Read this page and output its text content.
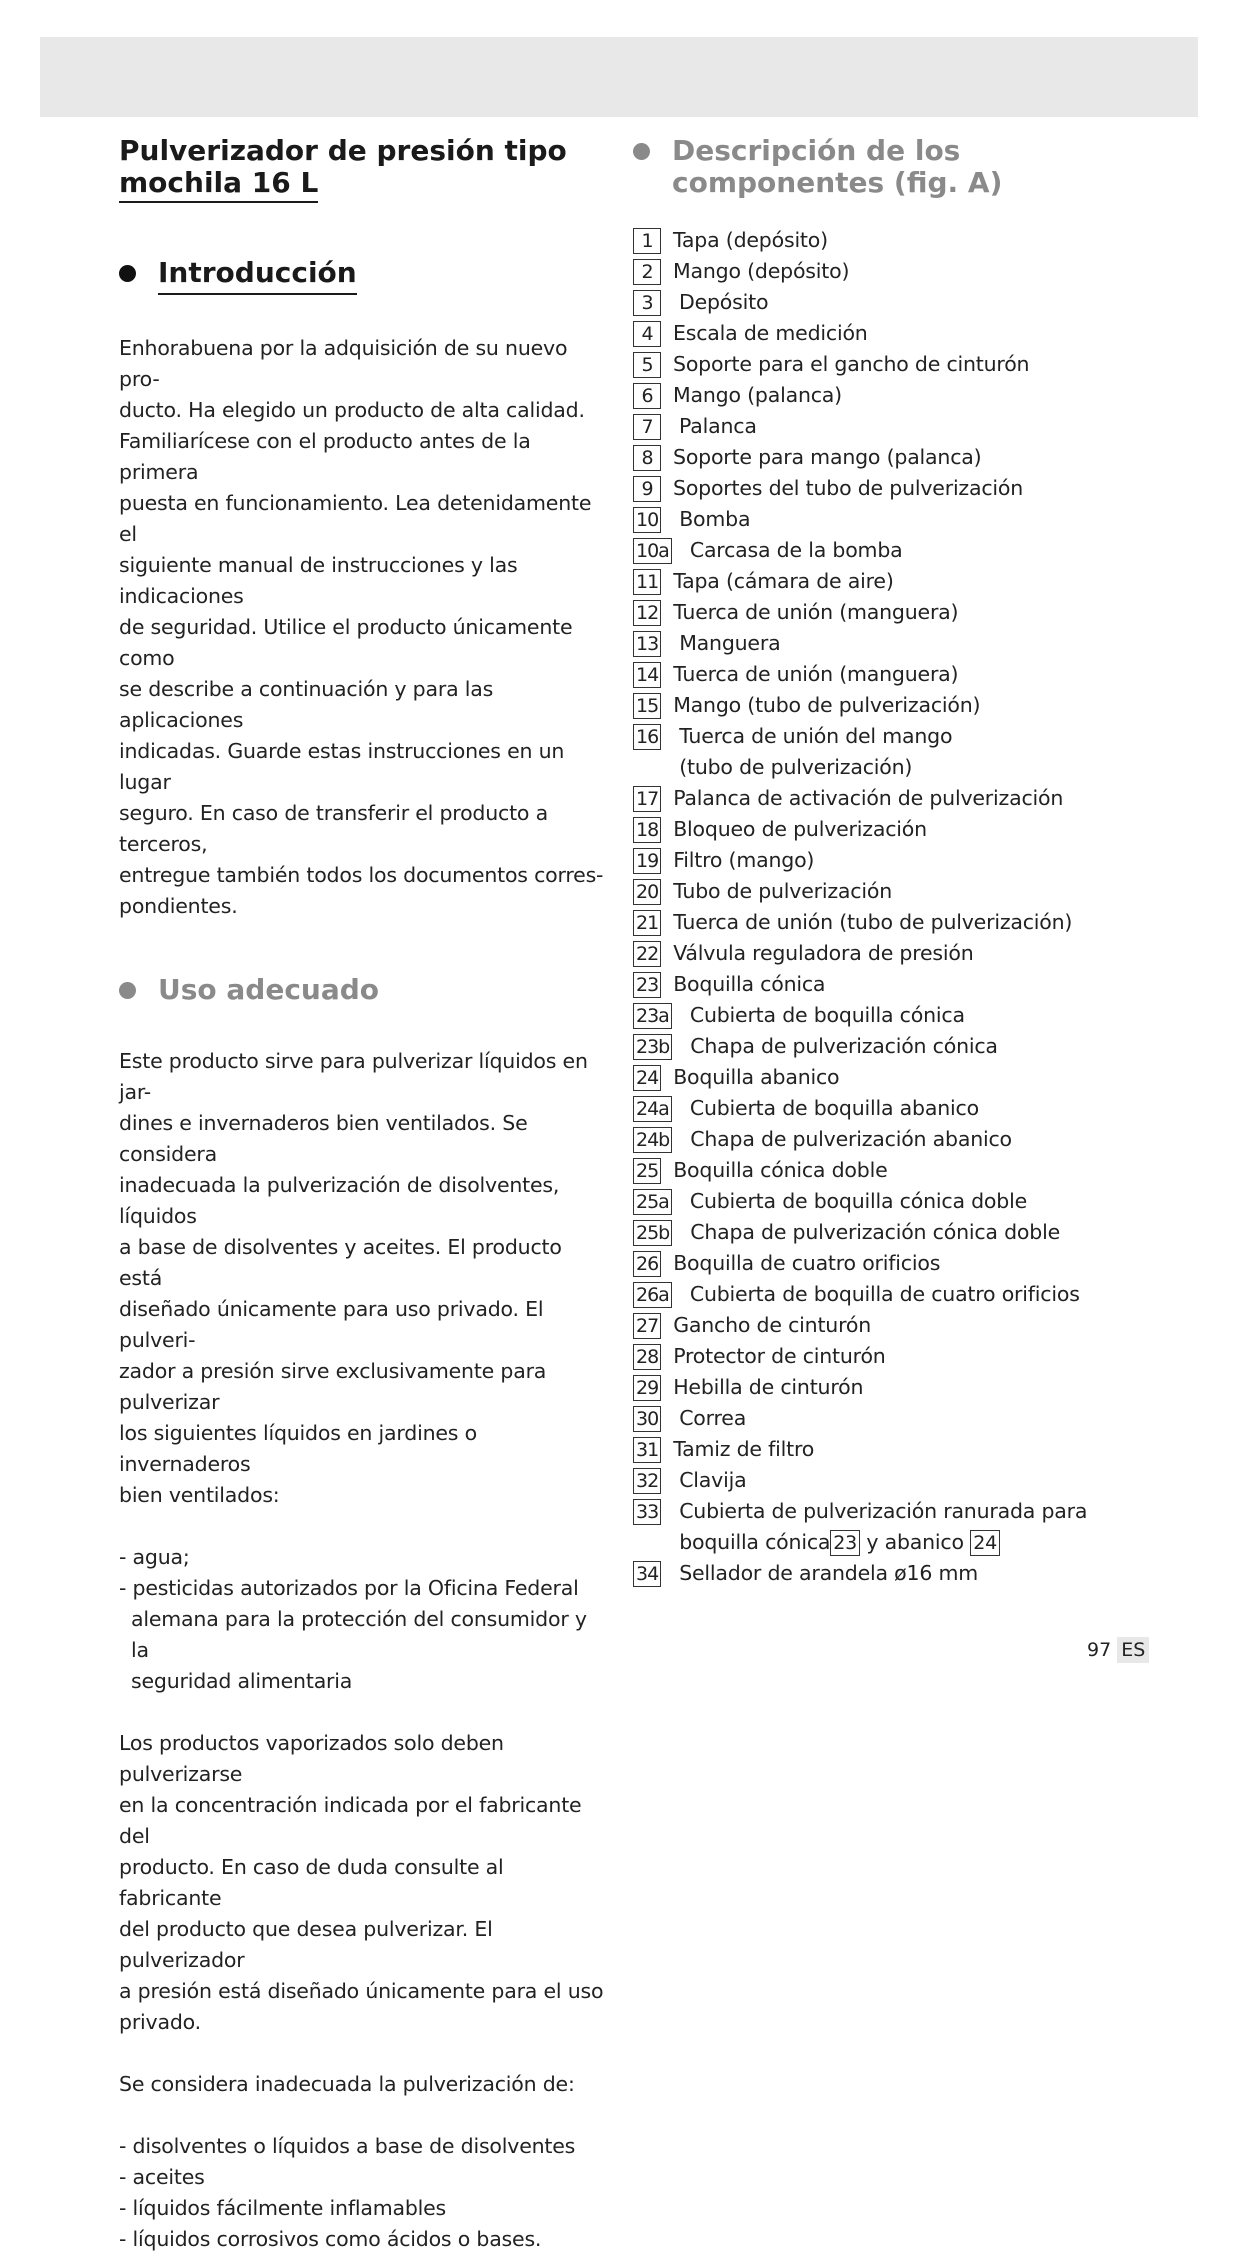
Pulverizador de presión tipo
mochila 16 L
Introducción
Enhorabuena por la adquisición de su nuevo pro-
ducto. Ha elegido un producto de alta calidad.
Familiarícese con el producto antes de la primera
puesta en funcionamiento. Lea detenidamente el
siguiente manual de instrucciones y las indicaciones
de seguridad. Utilice el producto únicamente como
se describe a continuación y para las aplicaciones
indicadas. Guarde estas instrucciones en un lugar
seguro. En caso de transferir el producto a terceros,
entregue también todos los documentos corres-
pondientes.
Uso adecuado
Este producto sirve para pulverizar líquidos en jar-
dines e invernaderos bien ventilados. Se considera
inadecuada la pulverización de disolventes, líquidos
a base de disolventes y aceites. El producto está
diseñado únicamente para uso privado. El pulveri-
zador a presión sirve exclusivamente para pulverizar
los siguientes líquidos en jardines o invernaderos
bien ventilados:
- agua;
- pesticidas autorizados por la Oficina Federal
alemana para la protección del consumidor y la
seguridad alimentaria
Los productos vaporizados solo deben pulverizarse
en la concentración indicada por el fabricante del
producto. En caso de duda consulte al fabricante
del producto que desea pulverizar. El pulverizador
a presión está diseñado únicamente para el uso
privado.
Se considera inadecuada la pulverización de:
- disolventes o líquidos a base de disolventes
- aceites
- líquidos fácilmente inflamables
- líquidos corrosivos como ácidos o bases.
Descripción de los
componentes (fig. A)
1 Tapa (depósito)
2 Mango (depósito)
3	Depósito
4 Escala de medición
5 Soporte para el gancho de cinturón
6 Mango (palanca)
7	Palanca
8 Soporte para mango (palanca)
9 Soportes del tubo de pulverización
10 Bomba
10a Carcasa de la bomba
11 Tapa (cámara de aire)
12 Tuerca de unión (manguera)
13 Manguera
14 Tuerca de unión (manguera)
15 Mango (tubo de pulverización)
16 Tuerca de unión del mango
(tubo de pulverización)
17 Palanca de activación de pulverización
18 Bloqueo de pulverización
19 Filtro (mango)
20 Tubo de pulverización
21 Tuerca de unión (tubo de pulverización)
22 Válvula reguladora de presión
23 Boquilla cónica
23a Cubierta de boquilla cónica
23b Chapa de pulverización cónica
24 Boquilla abanico
24a Cubierta de boquilla abanico
24b Chapa de pulverización abanico
25 Boquilla cónica doble
25a Cubierta de boquilla cónica doble
25b Chapa de pulverización cónica doble
26 Boquilla de cuatro orificios
26a Cubierta de boquilla de cuatro orificios
27 Gancho de cinturón
28 Protector de cinturón
29 Hebilla de cinturón
30 Correa
31 Tamiz de filtro
32 Clavija
33 Cubierta de pulverización ranurada para
boquilla cónica 23 y abanico 24
34 Sellador de arandela ø16 mm
97 ES
